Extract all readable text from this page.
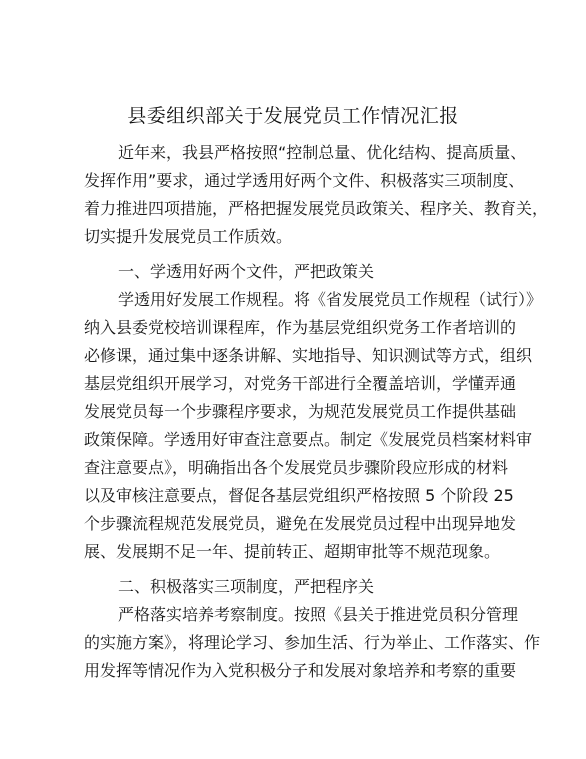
县委组织部关于发展党员工作情况汇报
近年来，我县严格按照“控制总量、优化结构、提高质量、
发挥作用”要求，通过学透用好两个文件、积极落实三项制度、
着力推进四项措施，严格把握发展党员政策关、程序关、教育关，
切实提升发展党员工作质效。
一、学透用好两个文件，严把政策关
学透用好发展工作规程。将《省发展党员工作规程（试行）》
纳入县委党校培训课程库，作为基层党组织党务工作者培训的
必修课，通过集中逐条讲解、实地指导、知识测试等方式，组织
基层党组织开展学习，对党务干部进行全覆盖培训，学懂弄通
发展党员每一个步骤程序要求，为规范发展党员工作提供基础
政策保障。学透用好审查注意要点。制定《发展党员档案材料审
查注意要点》，明确指出各个发展党员步骤阶段应形成的材料
以及审核注意要点，督促各基层党组织严格按照 5 个阶段 25
个步骤流程规范发展党员，避免在发展党员过程中出现异地发
展、发展期不足一年、提前转正、超期审批等不规范现象。
二、积极落实三项制度，严把程序关
严格落实培养考察制度。按照《县关于推进党员积分管理
的实施方案》，将理论学习、参加生活、行为举止、工作落实、作
用发挥等情况作为入党积极分子和发展对象培养和考察的重要
